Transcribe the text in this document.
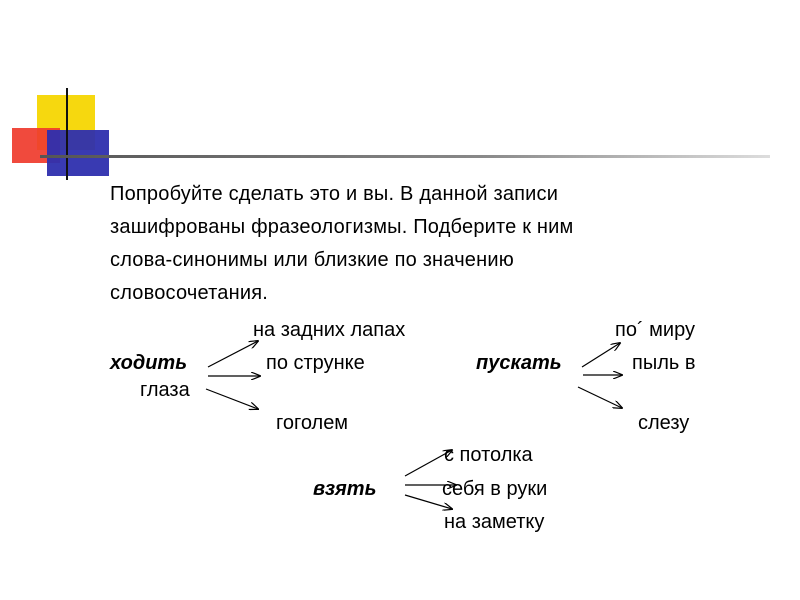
Попробуйте сделать это и вы. В данной записи
зашифрованы фразеологизмы. Подберите к ним
слова-синонимы или близкие по значению
словосочетания.
на задних лапах
ходить	по струнке
гоголем
по´ миру
пускать	пыль в
глаза
слезу
с потолка
взять	себя в руки
на заметку
